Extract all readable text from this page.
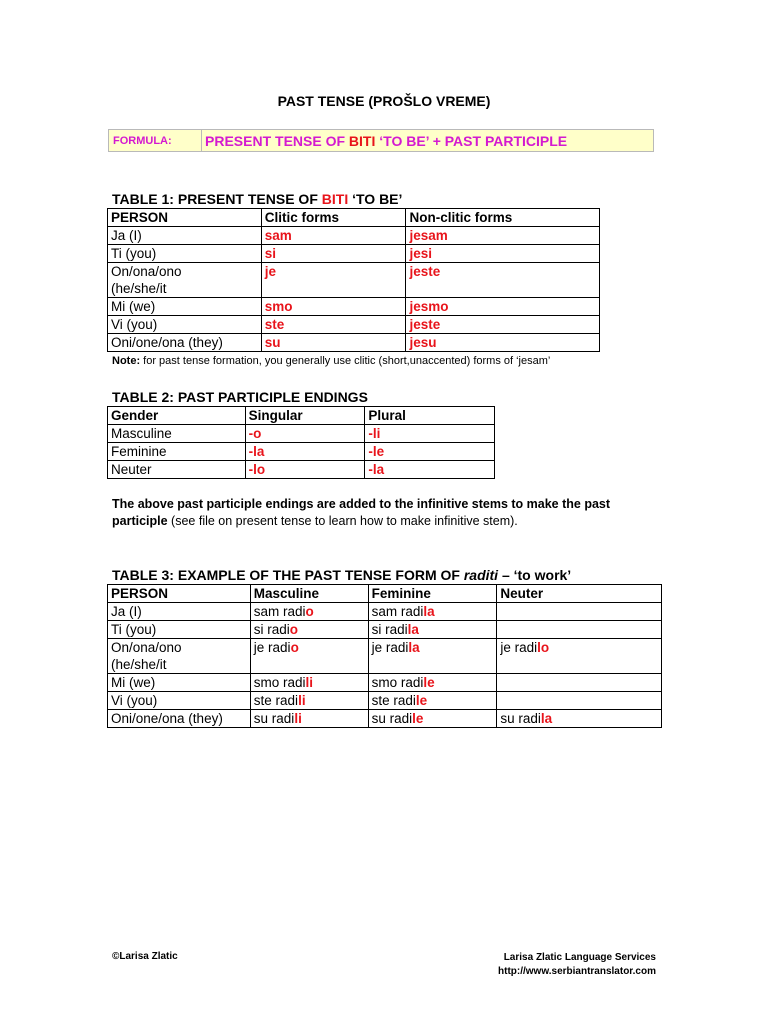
PAST TENSE (PROŠLO VREME)
FORMULA:	PRESENT TENSE OF BITI ‘TO BE’ + PAST PARTICIPLE
TABLE 1: PRESENT TENSE OF BITI ‘TO BE’
PERSON	Clitic forms	Non-clitic forms
Ja (I)	sam	jesam
Ti (you)	si	jesi

On/ona/ono
(he/she/it	je	jeste
Mi (we)	smo	jesmo
Vi (you)	ste	jeste
Oni/one/ona (they)	su	jesu
Note: for past tense formation, you generally use clitic (short,unaccented) forms of ‘jesam’
TABLE 2: PAST PARTICIPLE ENDINGS
Gender	Singular	Plural
Masculine	-o	-li
Feminine	-la	-le
Neuter	-lo	-la
The above past participle endings are added to the infinitive stems to make the past participle (see file on present tense to learn how to make infinitive stem).
TABLE 3: EXAMPLE OF THE PAST TENSE FORM OF raditi – ‘to work’
PERSON	Masculine	Feminine	Neuter
Ja (I)	sam radio	sam radila	
Ti (you)	si radio	si radila	

On/ona/ono
(he/she/it	je radio	je radila	je radilo
Mi (we)	smo radili	smo radile	
Vi (you)	ste radili	ste radile	
Oni/one/ona (they)	su radili	su radile	su radila
©Larisa Zlatic	Larisa Zlatic Language Services
http://www.serbiantranslator.com
